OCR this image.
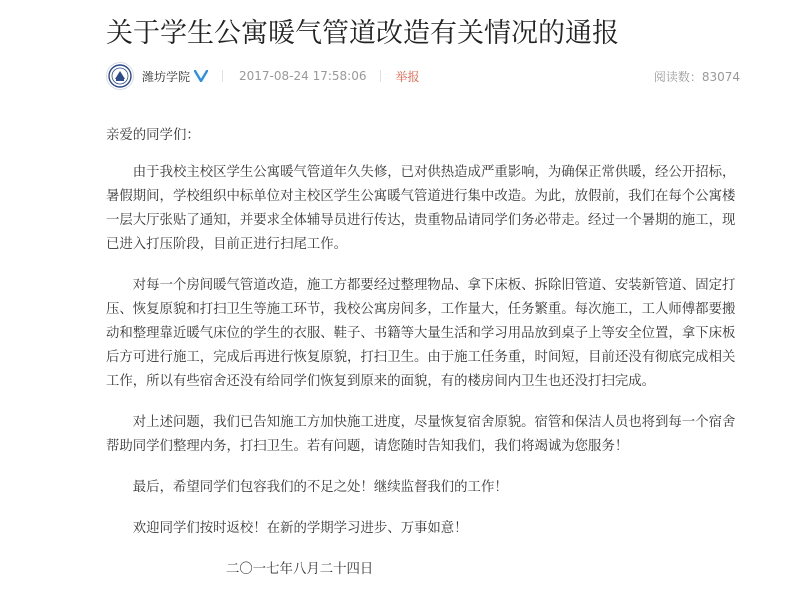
关于学生公寓暖气管道改造有关情况的通报
潍坊学院	2017-08-24 17:58:06 举报	阅读数：83074

亲爱的同学们：

由于我校主校区学生公寓暖气管道年久失修，已对供热造成严重影响，为确保正常供暖，经公开招标，暑假期间，学校组织中标单位对主校区学生公寓暖气管道进行集中改造。为此，放假前，我们在每个公寓楼一层大厅张贴了通知，并要求全体辅导员进行传达，贵重物品请同学们务必带走。经过一个暑期的施工，现已进入打压阶段，目前正进行扫尾工作。

对每一个房间暖气管道改造，施工方都要经过整理物品、拿下床板、拆除旧管道、安装新管道、固定打压、恢复原貌和打扫卫生等施工环节，我校公寓房间多，工作量大，任务繁重。每次施工，工人师傅都要搬动和整理靠近暖气床位的学生的衣服、鞋子、书籍等大量生活和学习用品放到桌子上等安全位置，拿下床板后方可进行施工，完成后再进行恢复原貌，打扫卫生。由于施工任务重，时间短，目前还没有彻底完成相关工作，所以有些宿舍还没有给同学们恢复到原来的面貌，有的楼房间内卫生也还没打扫完成。

对上述问题，我们已告知施工方加快施工进度，尽量恢复宿舍原貌。宿管和保洁人员也将到每一个宿舍帮助同学们整理内务，打扫卫生。若有问题，请您随时告知我们，我们将竭诚为您服务！

最后，希望同学们包容我们的不足之处！继续监督我们的工作！

欢迎同学们按时返校！在新的学期学习进步、万事如意！

二〇一七年八月二十四日
